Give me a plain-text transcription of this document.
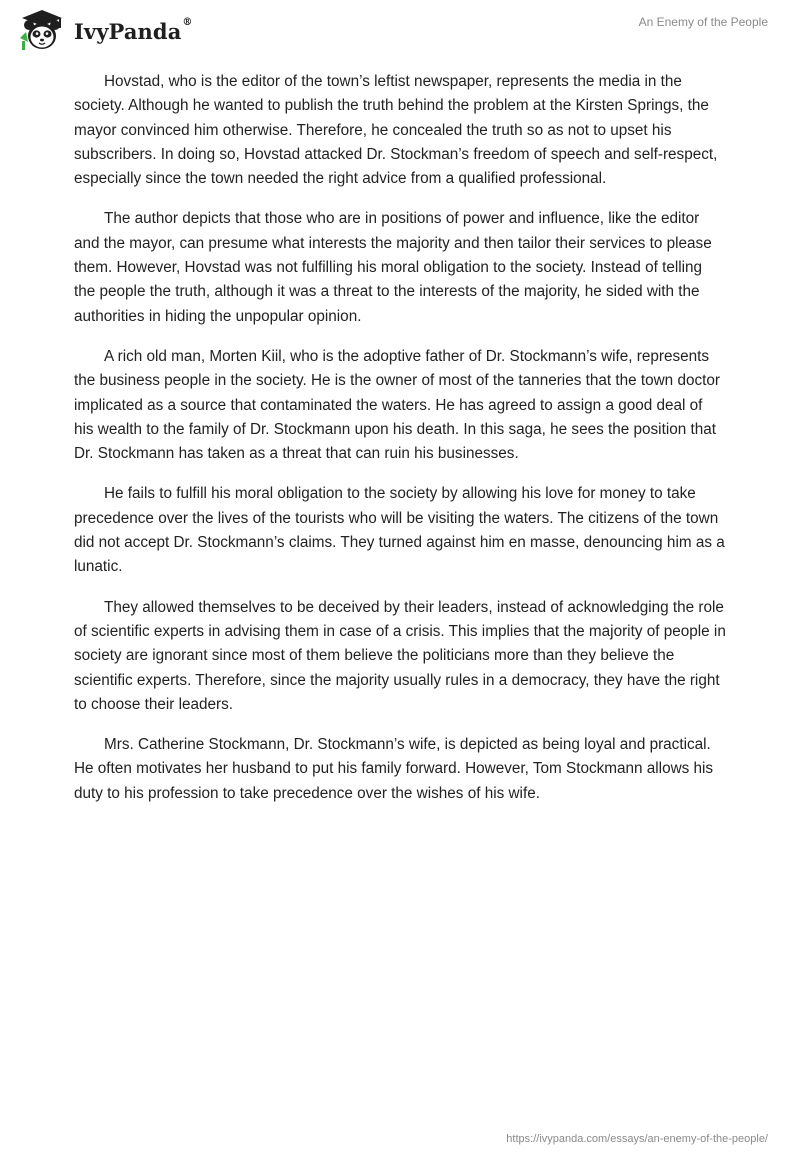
IvyPanda®	An Enemy of the People

Hovstad, who is the editor of the town’s leftist newspaper, represents the media in the society. Although he wanted to publish the truth behind the problem at the Kirsten Springs, the mayor convinced him otherwise. Therefore, he concealed the truth so as not to upset his subscribers. In doing so, Hovstad attacked Dr. Stockman’s freedom of speech and self-respect, especially since the town needed the right advice from a qualified professional.

The author depicts that those who are in positions of power and influence, like the editor and the mayor, can presume what interests the majority and then tailor their services to please them. However, Hovstad was not fulfilling his moral obligation to the society. Instead of telling the people the truth, although it was a threat to the interests of the majority, he sided with the authorities in hiding the unpopular opinion.

A rich old man, Morten Kiil, who is the adoptive father of Dr. Stockmann’s wife, represents the business people in the society. He is the owner of most of the tanneries that the town doctor implicated as a source that contaminated the waters. He has agreed to assign a good deal of his wealth to the family of Dr. Stockmann upon his death. In this saga, he sees the position that Dr. Stockmann has taken as a threat that can ruin his businesses.

He fails to fulfill his moral obligation to the society by allowing his love for money to take precedence over the lives of the tourists who will be visiting the waters. The citizens of the town did not accept Dr. Stockmann’s claims. They turned against him en masse, denouncing him as a lunatic.

They allowed themselves to be deceived by their leaders, instead of acknowledging the role of scientific experts in advising them in case of a crisis. This implies that the majority of people in society are ignorant since most of them believe the politicians more than they believe the scientific experts. Therefore, since the majority usually rules in a democracy, they have the right to choose their leaders.

Mrs. Catherine Stockmann, Dr. Stockmann’s wife, is depicted as being loyal and practical. He often motivates her husband to put his family forward. However, Tom Stockmann allows his duty to his profession to take precedence over the wishes of his wife.

https://ivypanda.com/essays/an-enemy-of-the-people/
